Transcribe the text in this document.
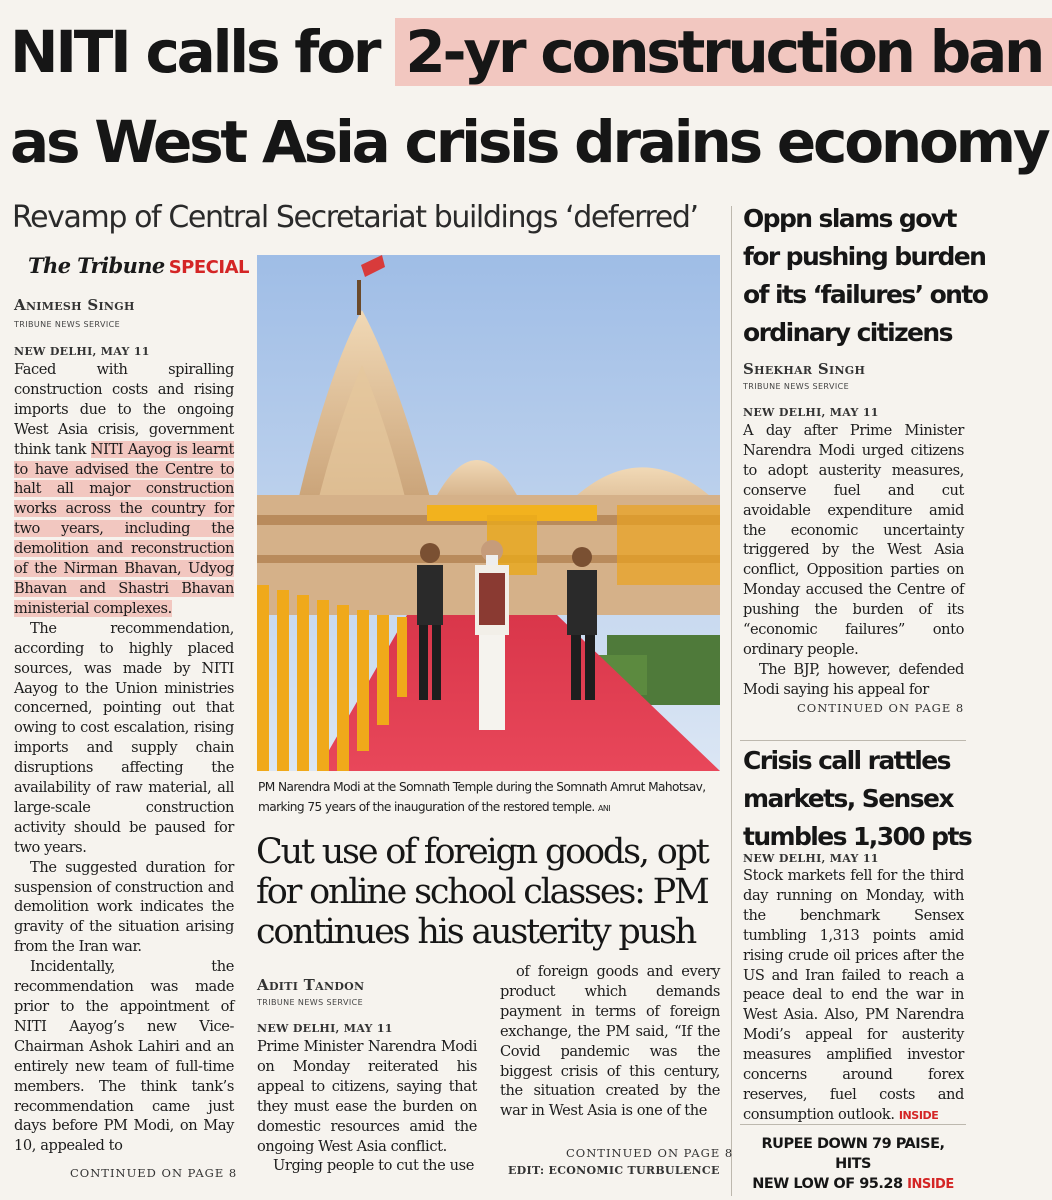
NITI calls for 2-yr construction ban
as West Asia crisis drains economy
Revamp of Central Secretariat buildings ‘deferred’
The Tribune SPECIAL
Animesh Singh
TRIBUNE NEWS SERVICE
NEW DELHI, MAY 11

Faced with spiralling construction costs and rising imports due to the ongoing West Asia crisis, government think tank NITI Aayog is learnt to have advised the Centre to halt all major construction works across the country for two years, including the demolition and reconstruction of the Nirman Bhavan, Udyog Bhavan and Shastri Bhavan ministerial complexes.

The recommendation, according to highly placed sources, was made by NITI Aayog to the Union ministries concerned, pointing out that owing to cost escalation, rising imports and supply chain disruptions affecting the availability of raw material, all large-scale construction activity should be paused for two years.

The suggested duration for suspension of construction and demolition work indicates the gravity of the situation arising from the Iran war.

Incidentally, the recommendation was made prior to the appointment of NITI Aayog’s new Vice-Chairman Ashok Lahiri and an entirely new team of full-time members. The think tank’s recommendation came just days before PM Modi, on May 10, appealed to

CONTINUED ON PAGE 8
PM Narendra Modi at the Somnath Temple during the Somnath Amrut Mahotsav, marking 75 years of the inauguration of the restored temple. ANI
Cut use of foreign goods, opt
for online school classes: PM
continues his austerity push
Aditi Tandon
TRIBUNE NEWS SERVICE
NEW DELHI, MAY 11

Prime Minister Narendra Modi on Monday reiterated his appeal to citizens, saying that they must ease the burden on domestic resources amid the ongoing West Asia conflict.

Urging people to cut the use

of foreign goods and every product which demands payment in terms of foreign exchange, the PM said, “If the Covid pandemic was the biggest crisis of this century, the situation created by the war in West Asia is one of the

CONTINUED ON PAGE 8
EDIT: ECONOMIC TURBULENCE
Oppn slams govt
for pushing burden
of its ‘failures’ onto
ordinary citizens
Shekhar Singh
TRIBUNE NEWS SERVICE
NEW DELHI, MAY 11

A day after Prime Minister Narendra Modi urged citizens to adopt austerity measures, conserve fuel and cut avoidable expenditure amid the economic uncertainty triggered by the West Asia conflict, Opposition parties on Monday accused the Centre of pushing the burden of its “economic failures” onto ordinary people.

The BJP, however, defended Modi saying his appeal for

CONTINUED ON PAGE 8
Crisis call rattles
markets, Sensex
tumbles 1,300 pts
NEW DELHI, MAY 11

Stock markets fell for the third day running on Monday, with the benchmark Sensex tumbling 1,313 points amid rising crude oil prices after the US and Iran failed to reach a peace deal to end the war in West Asia. Also, PM Narendra Modi’s appeal for austerity measures amplified investor concerns around forex reserves, fuel costs and consumption outlook. INSIDE

RUPEE DOWN 79 PAISE, HITS
NEW LOW OF 95.28 INSIDE
